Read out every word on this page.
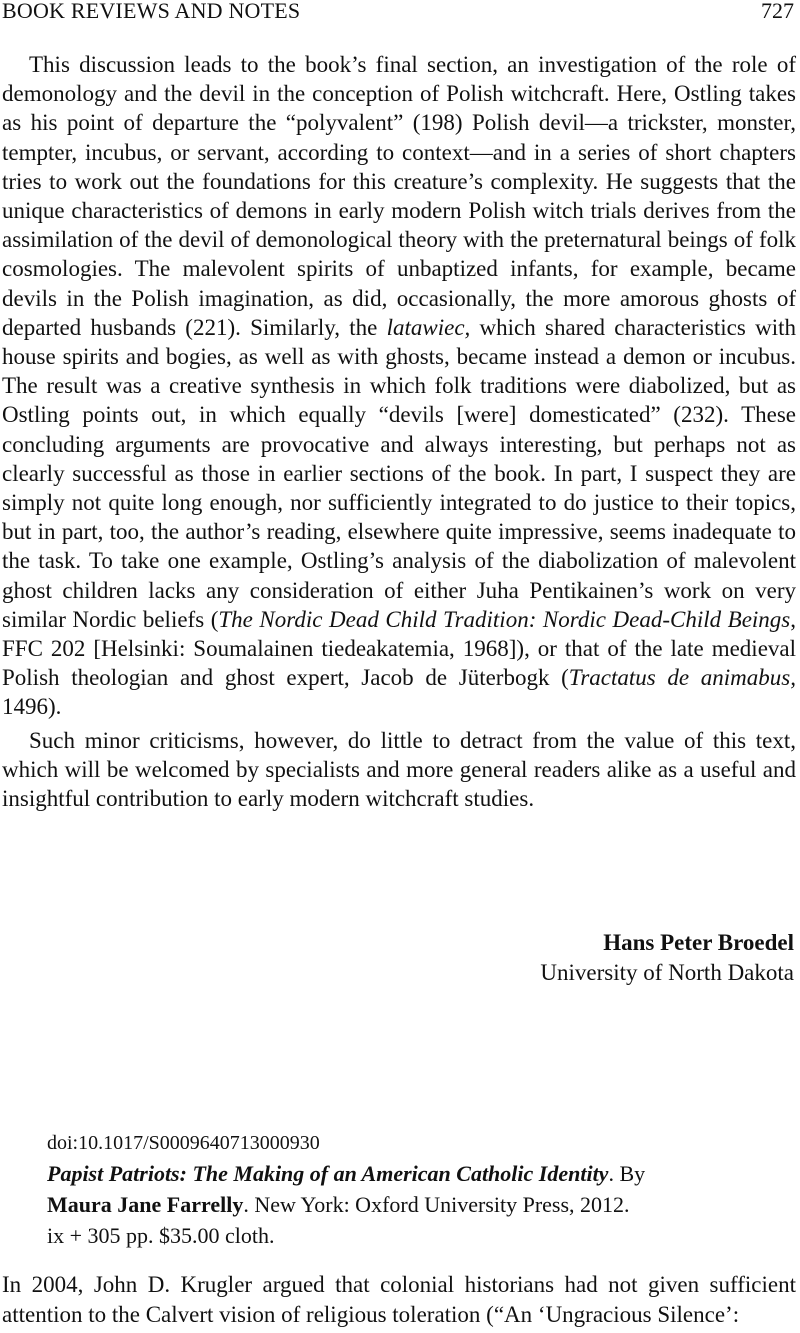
BOOK REVIEWS AND NOTES	727

This discussion leads to the book’s final section, an investigation of the role of demonology and the devil in the conception of Polish witchcraft. Here, Ostling takes as his point of departure the “polyvalent” (198) Polish devil—a trickster, monster, tempter, incubus, or servant, according to context—and in a series of short chapters tries to work out the foundations for this creature’s complexity. He suggests that the unique characteristics of demons in early modern Polish witch trials derives from the assimilation of the devil of demonological theory with the preternatural beings of folk cosmologies. The malevolent spirits of unbaptized infants, for example, became devils in the Polish imagination, as did, occasionally, the more amorous ghosts of departed husbands (221). Similarly, the latawiec, which shared characteristics with house spirits and bogies, as well as with ghosts, became instead a demon or incubus. The result was a creative synthesis in which folk traditions were diabolized, but as Ostling points out, in which equally “devils [were] domesticated” (232). These concluding arguments are provocative and always interesting, but perhaps not as clearly successful as those in earlier sections of the book. In part, I suspect they are simply not quite long enough, nor sufficiently integrated to do justice to their topics, but in part, too, the author’s reading, elsewhere quite impressive, seems inadequate to the task. To take one example, Ostling’s analysis of the diabolization of malevolent ghost children lacks any consideration of either Juha Pentikainen’s work on very similar Nordic beliefs (The Nordic Dead Child Tradition: Nordic Dead-Child Beings, FFC 202 [Helsinki: Soumalainen tiedeakatemia, 1968]), or that of the late medieval Polish theologian and ghost expert, Jacob de Jüterbogk (Tractatus de animabus, 1496).

Such minor criticisms, however, do little to detract from the value of this text, which will be welcomed by specialists and more general readers alike as a useful and insightful contribution to early modern witchcraft studies.

Hans Peter Broedel
University of North Dakota
doi:10.1017/S0009640713000930
Papist Patriots: The Making of an American Catholic Identity. By
Maura Jane Farrelly. New York: Oxford University Press, 2012.
ix + 305 pp. $35.00 cloth.

In 2004, John D. Krugler argued that colonial historians had not given sufficient attention to the Calvert vision of religious toleration (“An ‘Ungracious Silence’:
